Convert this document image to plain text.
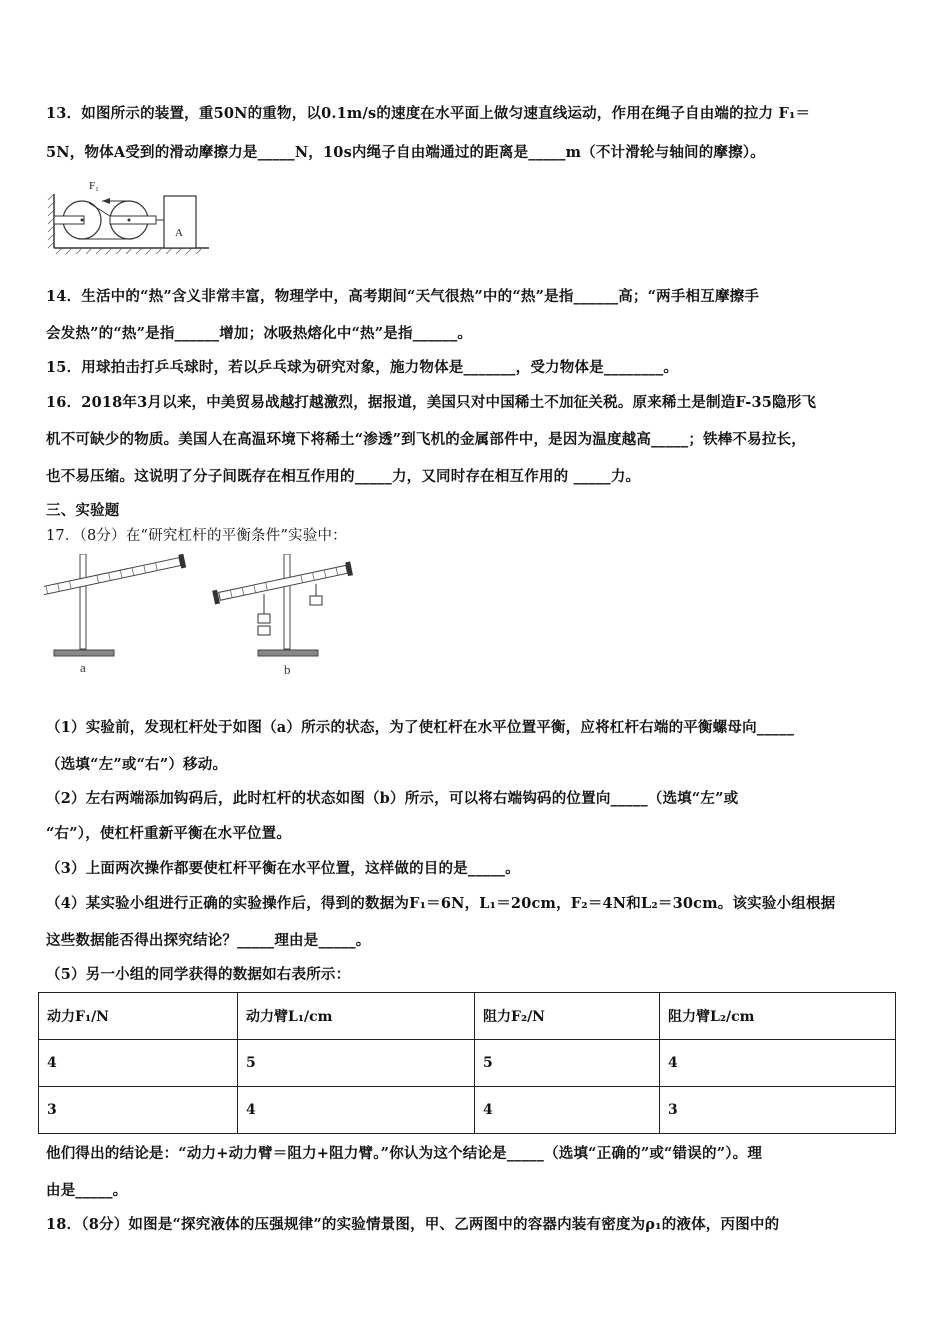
13．如图所示的装置，重50N的重物，以0.1m/s的速度在水平面上做匀速直线运动，作用在绳子自由端的拉力 F₁＝
5N，物体A受到的滑动摩擦力是_____N，10s内绳子自由端通过的距离是_____m（不计滑轮与轴间的摩擦）。
A
F₁
14．生活中的“热”含义非常丰富，物理学中，高考期间“天气很热”中的“热”是指______高；“两手相互摩擦手
会发热”的“热”是指______增加；冰吸热熔化中“热”是指______。
15．用球拍击打乒乓球时，若以乒乓球为研究对象，施力物体是_______，受力物体是________。
16．2018年3月以来，中美贸易战越打越激烈，据报道，美国只对中国稀土不加征关税。原来稀土是制造F-35隐形飞
机不可缺少的物质。美国人在高温环境下将稀土“渗透”到飞机的金属部件中，是因为温度越高_____；铁棒不易拉长，
也不易压缩。这说明了分子间既存在相互作用的_____力，又同时存在相互作用的 _____力。
三、实验题
17．（8分）在“研究杠杆的平衡条件”实验中：
a	b
（1）实验前，发现杠杆处于如图（a）所示的状态，为了使杠杆在水平位置平衡，应将杠杆右端的平衡螺母向_____
（选填“左”或“右”）移动。
（2）左右两端添加钩码后，此时杠杆的状态如图（b）所示，可以将右端钩码的位置向_____（选填“左”或
“右”），使杠杆重新平衡在水平位置。
（3）上面两次操作都要使杠杆平衡在水平位置，这样做的目的是_____。
（4）某实验小组进行正确的实验操作后，得到的数据为F₁＝6N，L₁＝20cm，F₂＝4N和L₂＝30cm。该实验小组根据
这些数据能否得出探究结论？_____理由是_____。
（5）另一小组的同学获得的数据如右表所示：
动力F₁/N	动力臂L₁/cm	阻力F₂/N	阻力臂L₂/cm
4	5	5	4
3	4	4	3
他们得出的结论是：“动力+动力臂＝阻力+阻力臂。”你认为这个结论是_____（选填“正确的”或“错误的”）。理
由是_____。
18．（8分）如图是“探究液体的压强规律”的实验情景图，甲、乙两图中的容器内装有密度为ρ₁的液体，丙图中的
